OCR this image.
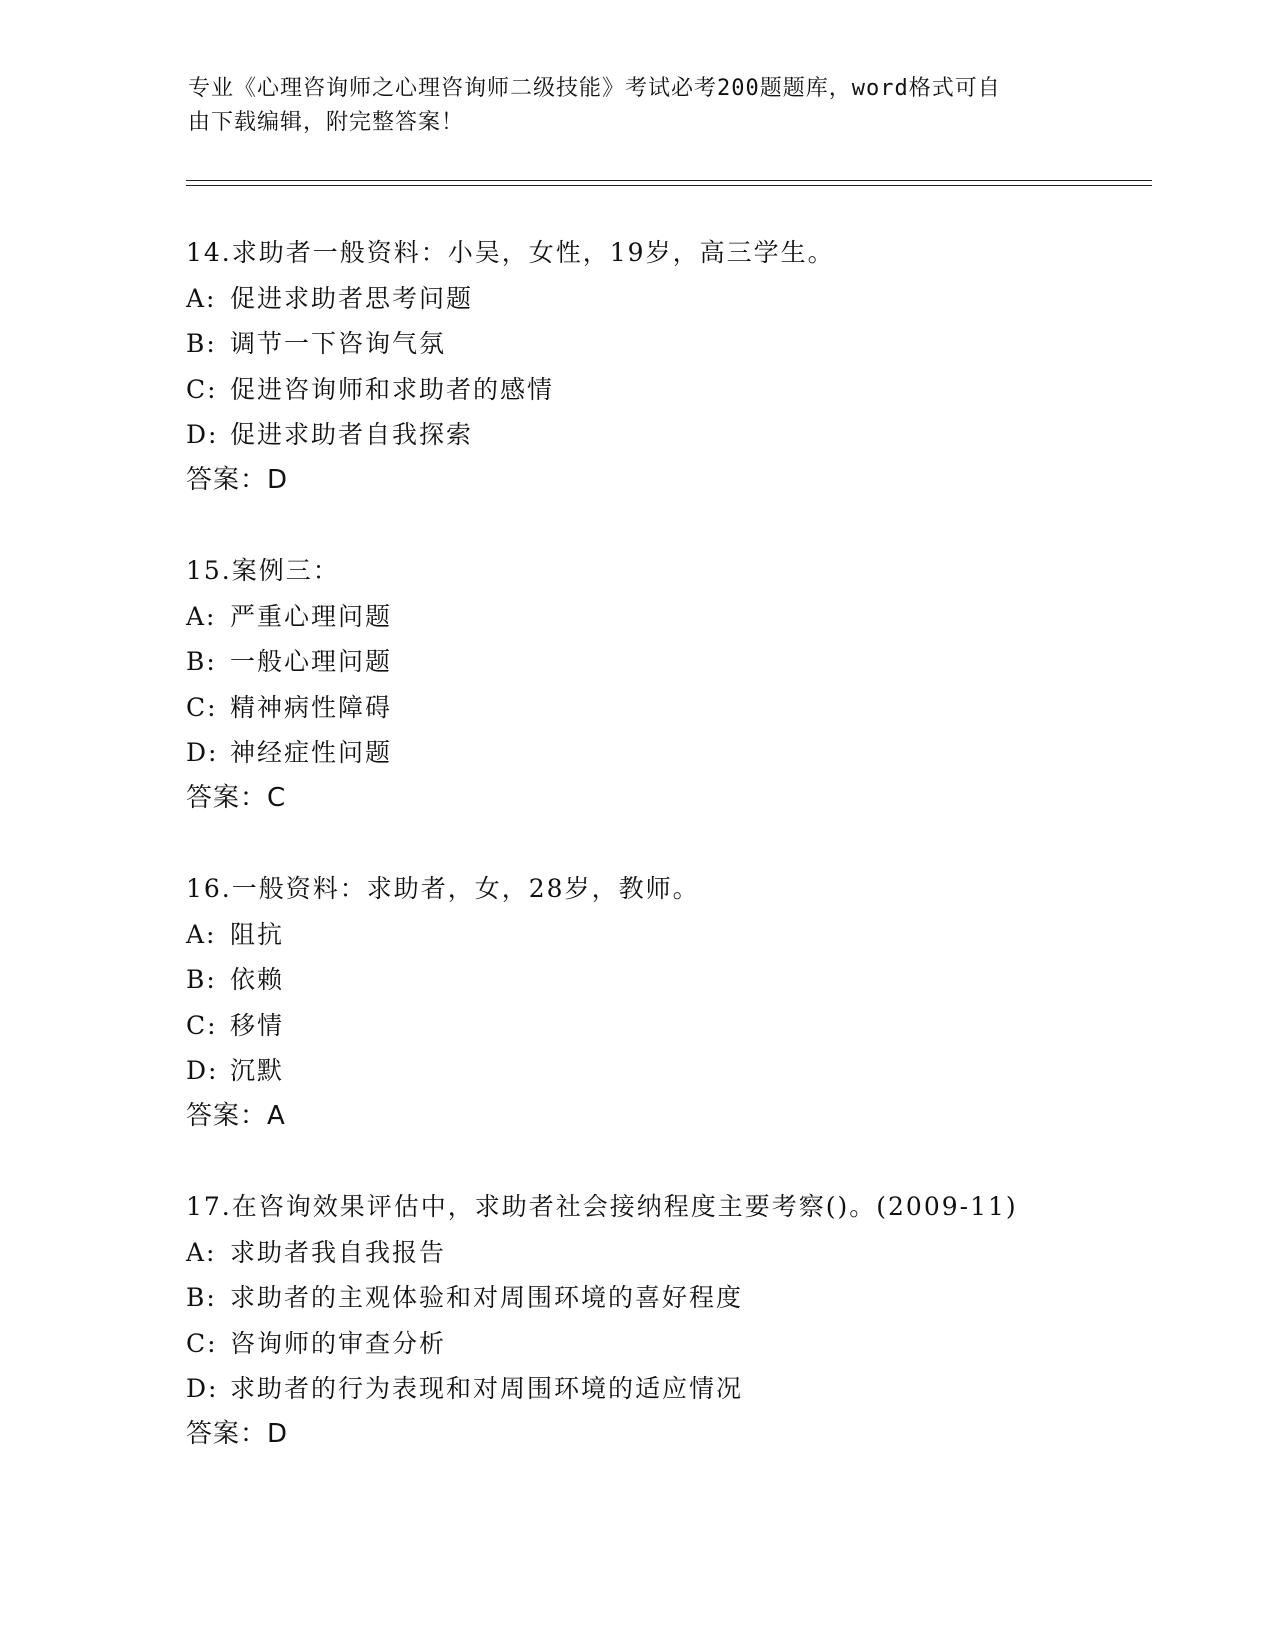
专业《心理咨询师之心理咨询师二级技能》考试必考200题题库，word格式可自
由下载编辑，附完整答案！
14.求助者一般资料：小吴，女性，19岁，高三学生。
A: 促进求助者思考问题
B: 调节一下咨询气氛
C: 促进咨询师和求助者的感情
D: 促进求助者自我探索
答案：D
15.案例三：
A: 严重心理问题
B: 一般心理问题
C: 精神病性障碍
D: 神经症性问题
答案：C
16.一般资料：求助者，女，28岁，教师。
A: 阻抗
B: 依赖
C: 移情
D: 沉默
答案：A
17.在咨询效果评估中，求助者社会接纳程度主要考察()。(2009-11)
A: 求助者我自我报告
B: 求助者的主观体验和对周围环境的喜好程度
C: 咨询师的审查分析
D: 求助者的行为表现和对周围环境的适应情况
答案：D
